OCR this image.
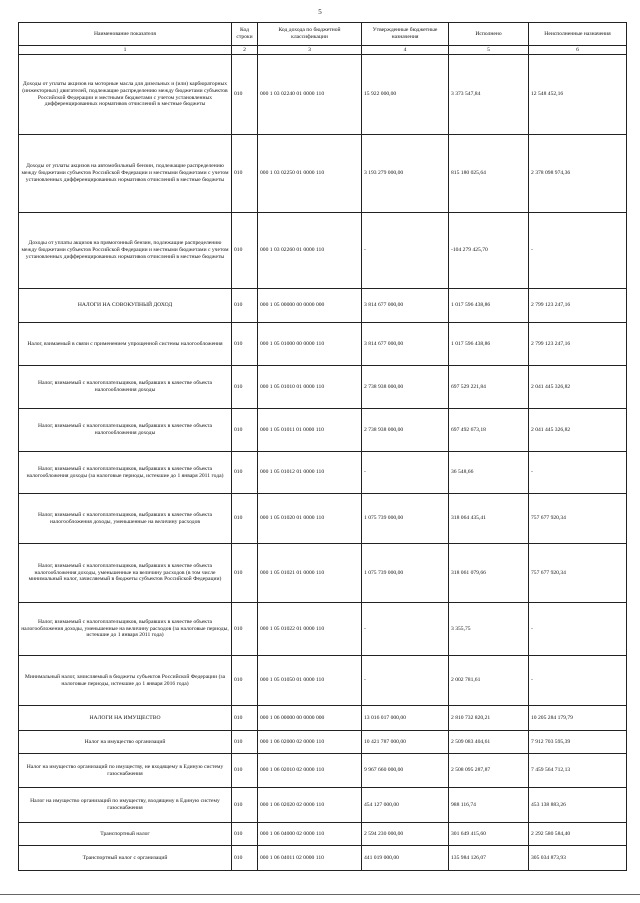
5
Наименование показателя	Код строки	Код дохода по бюджетной классификации	Утвержденные бюджетные назначения	Исполнено	Неисполненные назначения
1	2	3	4	5	6
Доходы от уплаты акцизов на моторные масла для дизельных и (или) карбюраторных (инжекторных) двигателей, подлежащие распределению между бюджетами субъектов Российской Федерации и местными бюджетами с учетом установленных дифференцированных нормативов отчислений в местные бюджеты	010	000 1 03 02240 01 0000 110	15 922 000,00	3 373 547,84	12 548 452,16
Доходы от уплаты акцизов на автомобильный бензин, подлежащие распределению между бюджетами субъектов Российской Федерации и местными бюджетами с учетом установленных дифференцированных нормативов отчислений в местные бюджеты	010	000 1 03 02250 01 0000 110	3 193 279 000,00	815 180 025,64	2 378 098 974,36
Доходы от уплаты акцизов на прямогонный бензин, подлежащие распределению между бюджетами субъектов Российской Федерации и местными бюджетами с учетом установленных дифференцированных нормативов отчислений в местные бюджеты	010	000 1 03 02260 01 0000 110	-	-104 279 425,70	-
НАЛОГИ НА СОВОКУПНЫЙ ДОХОД	010	000 1 05 00000 00 0000 000	3 814 677 000,00	1 017 596 438,86	2 799 123 247,16
Налог, взимаемый в связи с применением упрощенной системы налогообложения	010	000 1 05 01000 00 0000 110	3 814 677 000,00	1 017 596 438,86	2 799 123 247,16
Налог, взимаемый с налогоплательщиков, выбравших в качестве объекта налогообложения доходы	010	000 1 05 01010 01 0000 110	2 738 938 000,00	697 529 221,84	2 041 445 326,82
Налог, взимаемый с налогоплательщиков, выбравших в качестве объекта налогообложения доходы	010	000 1 05 01011 01 0000 110	2 738 938 000,00	697 492 673,18	2 041 445 326,82
Налог, взимаемый с налогоплательщиков, выбравших в качестве объекта налогообложения доходы (за налоговые периоды, истекшие до 1 января 2011 года)	010	000 1 05 01012 01 0000 110	-	36 548,66	-
Налог, взимаемый с налогоплательщиков, выбравших в качестве объекта налогообложения доходы, уменьшенные на величину расходов	010	000 1 05 01020 01 0000 110	1 075 739 000,00	318 064 435,41	757 677 920,34
Налог, взимаемый с налогоплательщиков, выбравших в качестве объекта налогообложения доходы, уменьшенные на величину расходов (в том числе минимальный налог, зачисляемый в бюджеты субъектов Российской Федерации)	010	000 1 05 01021 01 0000 110	1 075 739 000,00	318 061 079,66	757 677 920,34
Налог, взимаемый с налогоплательщиков, выбравших в качестве объекта налогообложения доходы, уменьшенные на величину расходов (за налоговые периоды, истекшие до 1 января 2011 года)	010	000 1 05 01022 01 0000 110	-	3 355,75	-
Минимальный налог, зачисляемый в бюджеты субъектов Российской Федерации (за налоговые периоды, истекшие до 1 января 2016 года)	010	000 1 05 01050 01 0000 110	-	2 002 781,61	-
НАЛОГИ НА ИМУЩЕСТВО	010	000 1 06 00000 00 0000 000	13 016 017 000,00	2 810 732 820,21	10 205 284 179,79
Налог на имущество организаций	010	000 1 06 02000 02 0000 110	10 421 787 000,00	2 509 083 404,61	7 912 703 595,39
Налог на имущество организаций по имуществу, не входящему в Единую систему газоснабжения	010	000 1 06 02010 02 0000 110	9 967 660 000,00	2 508 095 287,87	7 459 564 712,13
Налог на имущество организаций по имуществу, входящему в Единую систему газоснабжения	010	000 1 06 02020 02 0000 110	454 127 000,00	988 116,74	453 138 883,26
Транспортный налог	010	000 1 06 04000 02 0000 110	2 594 230 000,00	301 649 415,60	2 292 580 584,40
Транспортный налог с организаций	010	000 1 06 04011 02 0000 110	441 019 000,00	135 984 126,07	305 034 873,93
